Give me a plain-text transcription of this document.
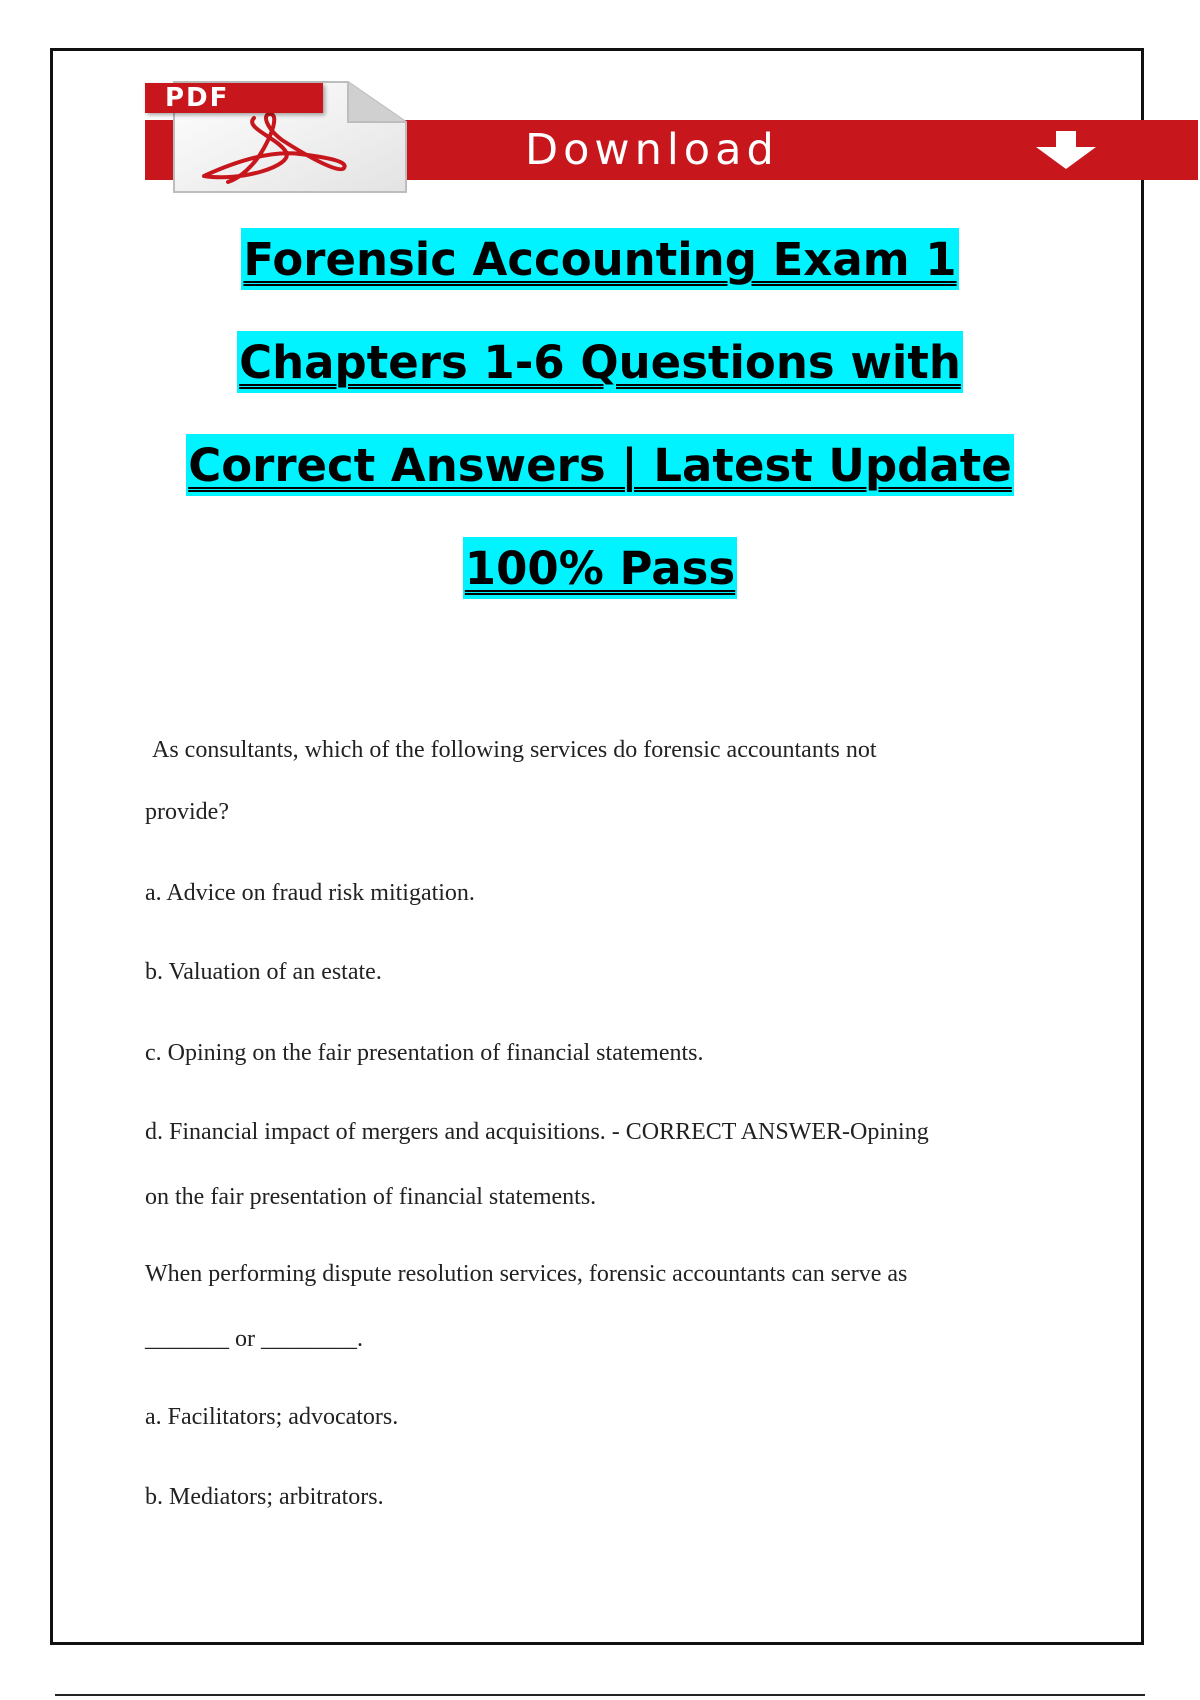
Download
PDF
Forensic Accounting Exam 1
Chapters 1-6 Questions with
Correct Answers | Latest Update
100% Pass
As consultants, which of the following services do forensic accountants not
provide?
a. Advice on fraud risk mitigation.
b. Valuation of an estate.
c. Opining on the fair presentation of financial statements.
d. Financial impact of mergers and acquisitions. - CORRECT ANSWER-Opining
on the fair presentation of financial statements.
When performing dispute resolution services, forensic accountants can serve as
_______ or ________.
a. Facilitators; advocators.
b. Mediators; arbitrators.
